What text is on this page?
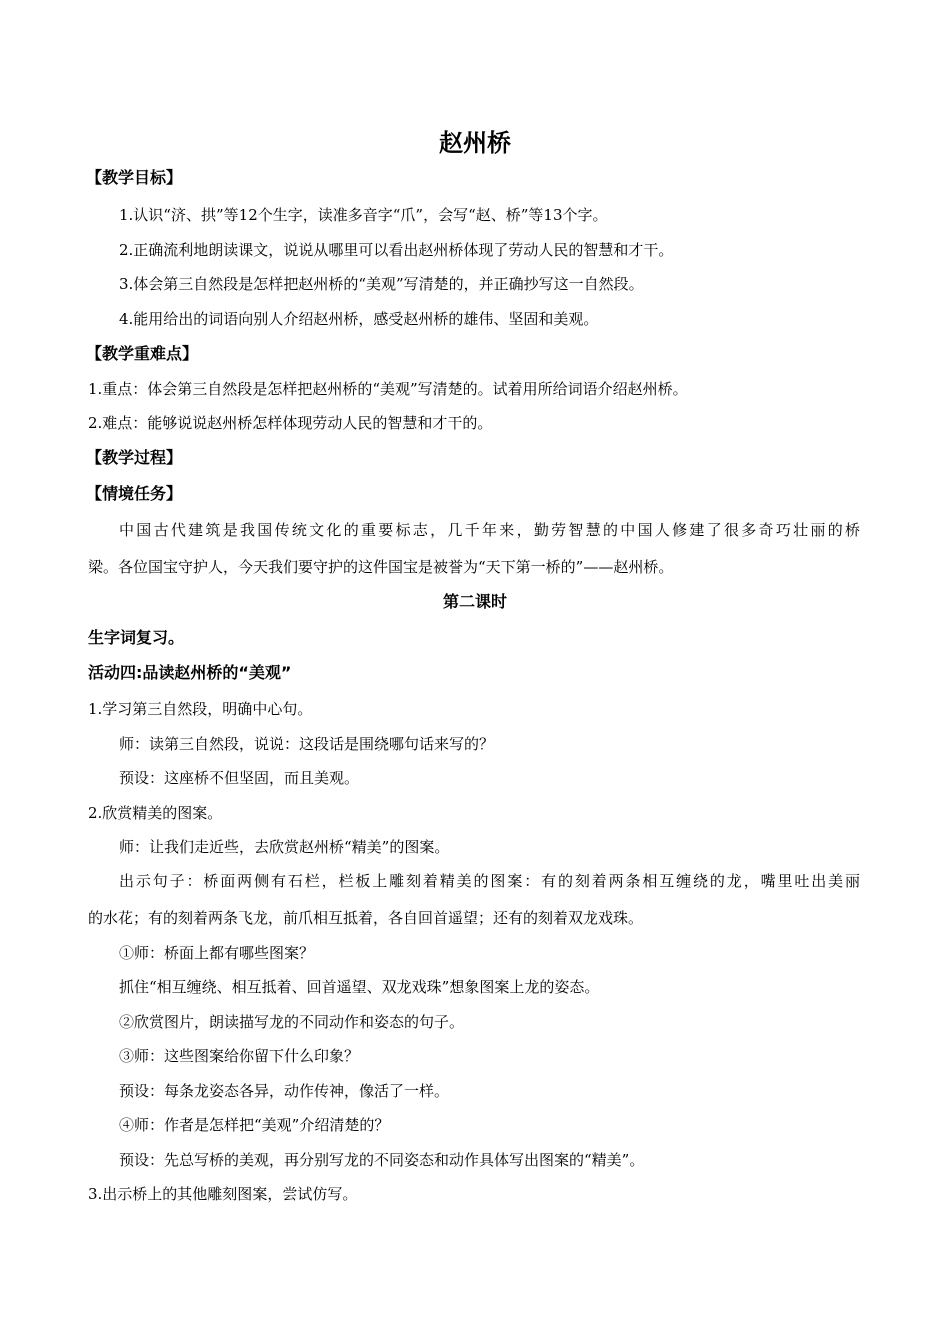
赵州桥
【教学目标】
1.认识“济、拱”等12个生字，读准多音字“爪”，会写“赵、桥”等13个字。
2.正确流利地朗读课文，说说从哪里可以看出赵州桥体现了劳动人民的智慧和才干。
3.体会第三自然段是怎样把赵州桥的“美观”写清楚的，并正确抄写这一自然段。
4.能用给出的词语向别人介绍赵州桥，感受赵州桥的雄伟、坚固和美观。
【教学重难点】
1.重点：体会第三自然段是怎样把赵州桥的“美观”写清楚的。试着用所给词语介绍赵州桥。
2.难点：能够说说赵州桥怎样体现劳动人民的智慧和才干的。
【教学过程】
【情境任务】
中国古代建筑是我国传统文化的重要标志，几千年来，勤劳智慧的中国人修建了很多奇巧壮丽的桥
梁。各位国宝守护人，今天我们要守护的这件国宝是被誉为“天下第一桥的”——赵州桥。
第二课时
生字词复习。
活动四:品读赵州桥的“美观”
1.学习第三自然段，明确中心句。
师：读第三自然段，说说：这段话是围绕哪句话来写的？
预设：这座桥不但坚固，而且美观。
2.欣赏精美的图案。
师：让我们走近些，去欣赏赵州桥“精美”的图案。
出示句子：桥面两侧有石栏，栏板上雕刻着精美的图案：有的刻着两条相互缠绕的龙，嘴里吐出美丽
的水花；有的刻着两条飞龙，前爪相互抵着，各自回首遥望；还有的刻着双龙戏珠。
①师：桥面上都有哪些图案？
抓住“相互缠绕、相互抵着、回首遥望、双龙戏珠”想象图案上龙的姿态。
②欣赏图片，朗读描写龙的不同动作和姿态的句子。
③师：这些图案给你留下什么印象？
预设：每条龙姿态各异，动作传神，像活了一样。
④师：作者是怎样把“美观”介绍清楚的？
预设：先总写桥的美观，再分别写龙的不同姿态和动作具体写出图案的“精美”。
3.出示桥上的其他雕刻图案，尝试仿写。
